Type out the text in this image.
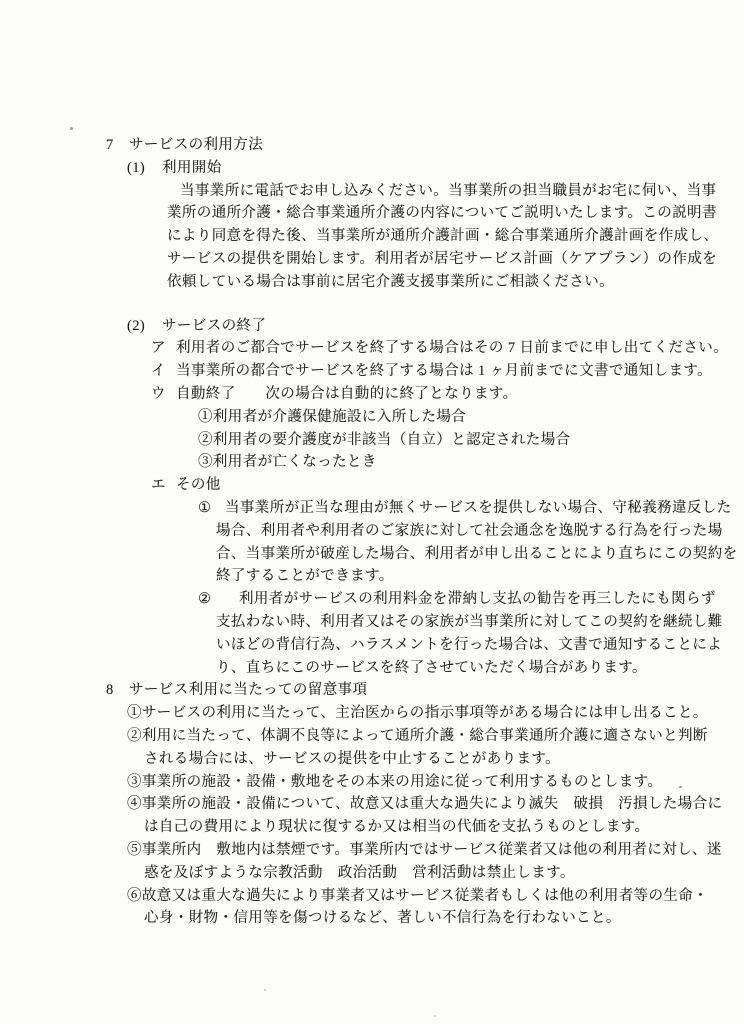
7 サービスの利用方法
(1) 利用開始
当事業所に電話でお申し込みください。当事業所の担当職員がお宅に伺い、当事
業所の通所介護・総合事業通所介護の内容についてご説明いたします。この説明書
により同意を得た後、当事業所が通所介護計画・総合事業通所介護計画を作成し、
サービスの提供を開始します。利用者が居宅サービス計画（ケアプラン）の作成を
依頼している場合は事前に居宅介護支援事業所にご相談ください。
(2) サービスの終了
ア 利用者のご都合でサービスを終了する場合はその 7 日前までに申し出てください。
イ 当事業所の都合でサービスを終了する場合は 1 ヶ月前までに文書で通知します。
ウ 自動終了　　次の場合は自動的に終了となります。
①利用者が介護保健施設に入所した場合
②利用者の要介護度が非該当（自立）と認定された場合
③利用者が亡くなったとき
エ その他
① 当事業所が正当な理由が無くサービスを提供しない場合、守秘義務違反した
場合、利用者や利用者のご家族に対して社会通念を逸脱する行為を行った場
合、当事業所が破産した場合、利用者が申し出ることにより直ちにこの契約を
終了することができます。
② 利用者がサービスの利用料金を滞納し支払の勧告を再三したにも関らず
支払わない時、利用者又はその家族が当事業所に対してこの契約を継続し難
いほどの背信行為、ハラスメントを行った場合は、文書で通知することによ
り、直ちにこのサービスを終了させていただく場合があります。
8 サービス利用に当たっての留意事項
①サービスの利用に当たって、主治医からの指示事項等がある場合には申し出ること。
②利用に当たって、体調不良等によって通所介護・総合事業通所介護に適さないと判断
される場合には、サービスの提供を中止することがあります。
③事業所の施設・設備・敷地をその本来の用途に従って利用するものとします。
④事業所の施設・設備について、故意又は重大な過失により滅失　破損　汚損した場合に
は自己の費用により現状に復するか又は相当の代価を支払うものとします。
⑤事業所内　敷地内は禁煙です。事業所内ではサービス従業者又は他の利用者に対し、迷
惑を及ぼすような宗教活動　政治活動　営利活動は禁止します。
⑥故意又は重大な過失により事業者又はサービス従業者もしくは他の利用者等の生命・
心身・財物・信用等を傷つけるなど、著しい不信行為を行わないこと。
